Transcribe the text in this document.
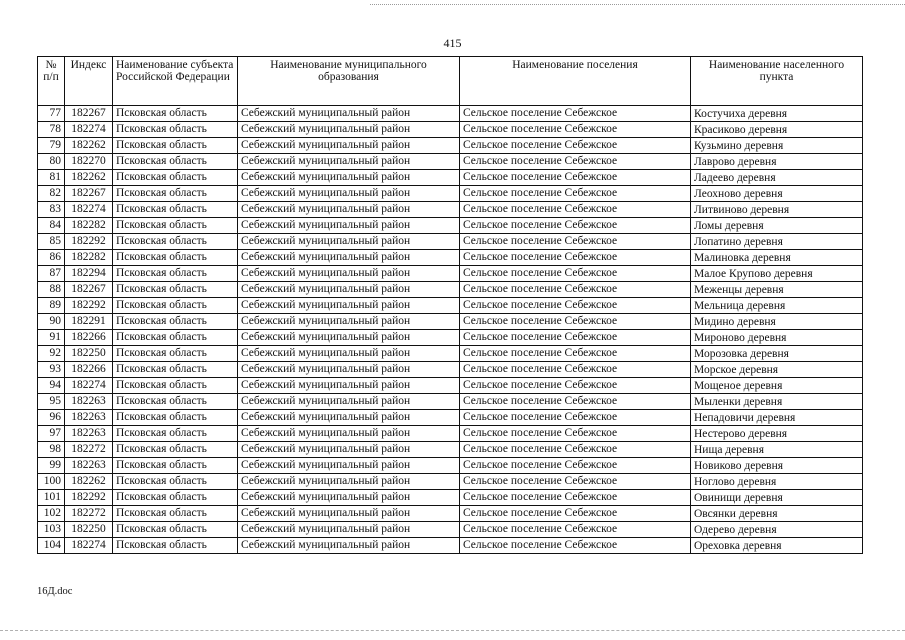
415
№ п/п	Индекс	Наименование субъекта Российской Федерации	Наименование муниципального образования	Наименование поселения	Наименование населенного пункта
77	182267	Псковская область	Себежский муниципальный район	Сельское поселение Себежское	Костучиха деревня
78	182274	Псковская область	Себежский муниципальный район	Сельское поселение Себежское	Красиково деревня
79	182262	Псковская область	Себежский муниципальный район	Сельское поселение Себежское	Кузьмино деревня
80	182270	Псковская область	Себежский муниципальный район	Сельское поселение Себежское	Лаврово деревня
81	182262	Псковская область	Себежский муниципальный район	Сельское поселение Себежское	Ладеево деревня
82	182267	Псковская область	Себежский муниципальный район	Сельское поселение Себежское	Леохново деревня
83	182274	Псковская область	Себежский муниципальный район	Сельское поселение Себежское	Литвиново деревня
84	182282	Псковская область	Себежский муниципальный район	Сельское поселение Себежское	Ломы деревня
85	182292	Псковская область	Себежский муниципальный район	Сельское поселение Себежское	Лопатино деревня
86	182282	Псковская область	Себежский муниципальный район	Сельское поселение Себежское	Малиновка деревня
87	182294	Псковская область	Себежский муниципальный район	Сельское поселение Себежское	Малое Крупово деревня
88	182267	Псковская область	Себежский муниципальный район	Сельское поселение Себежское	Меженцы деревня
89	182292	Псковская область	Себежский муниципальный район	Сельское поселение Себежское	Мельница деревня
90	182291	Псковская область	Себежский муниципальный район	Сельское поселение Себежское	Мидино деревня
91	182266	Псковская область	Себежский муниципальный район	Сельское поселение Себежское	Мироново деревня
92	182250	Псковская область	Себежский муниципальный район	Сельское поселение Себежское	Морозовка деревня
93	182266	Псковская область	Себежский муниципальный район	Сельское поселение Себежское	Морское деревня
94	182274	Псковская область	Себежский муниципальный район	Сельское поселение Себежское	Мощеное деревня
95	182263	Псковская область	Себежский муниципальный район	Сельское поселение Себежское	Мыленки деревня
96	182263	Псковская область	Себежский муниципальный район	Сельское поселение Себежское	Непадовичи деревня
97	182263	Псковская область	Себежский муниципальный район	Сельское поселение Себежское	Нестерово деревня
98	182272	Псковская область	Себежский муниципальный район	Сельское поселение Себежское	Нища деревня
99	182263	Псковская область	Себежский муниципальный район	Сельское поселение Себежское	Новиково деревня
100	182262	Псковская область	Себежский муниципальный район	Сельское поселение Себежское	Ноглово деревня
101	182292	Псковская область	Себежский муниципальный район	Сельское поселение Себежское	Овинищи деревня
102	182272	Псковская область	Себежский муниципальный район	Сельское поселение Себежское	Овсянки деревня
103	182250	Псковская область	Себежский муниципальный район	Сельское поселение Себежское	Одерево деревня
104	182274	Псковская область	Себежский муниципальный район	Сельское поселение Себежское	Ореховка деревня
16Д.doc
